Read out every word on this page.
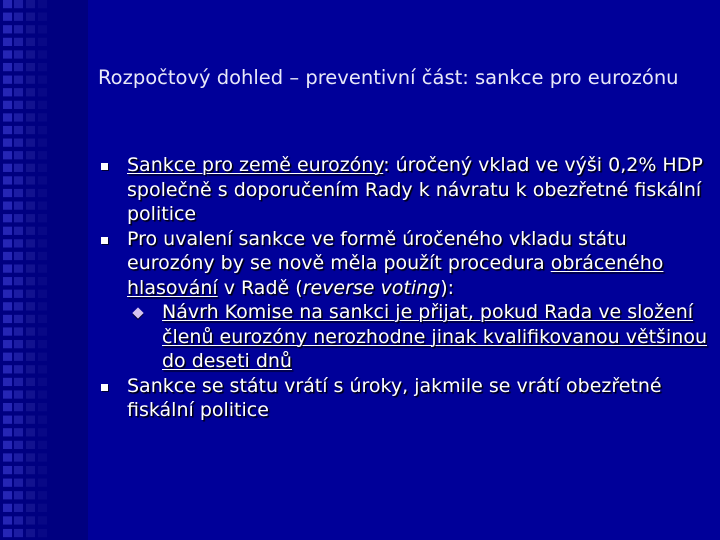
Rozpočtový dohled – preventivní část: sankce pro eurozónu
Sankce pro země eurozóny: úročený vklad ve výši 0,2% HDP společně s doporučením Rady k návratu k obezřetné fiskální politice
Pro uvalení sankce ve formě úročeného vkladu státu eurozóny by se nově měla použít procedura obráceného hlasování v Radě (reverse voting):
Návrh Komise na sankci je přijat, pokud Rada ve složení členů eurozóny nerozhodne jinak kvalifikovanou většinou do deseti dnů
Sankce se státu vrátí s úroky, jakmile se vrátí obezřetné fiskální politice
